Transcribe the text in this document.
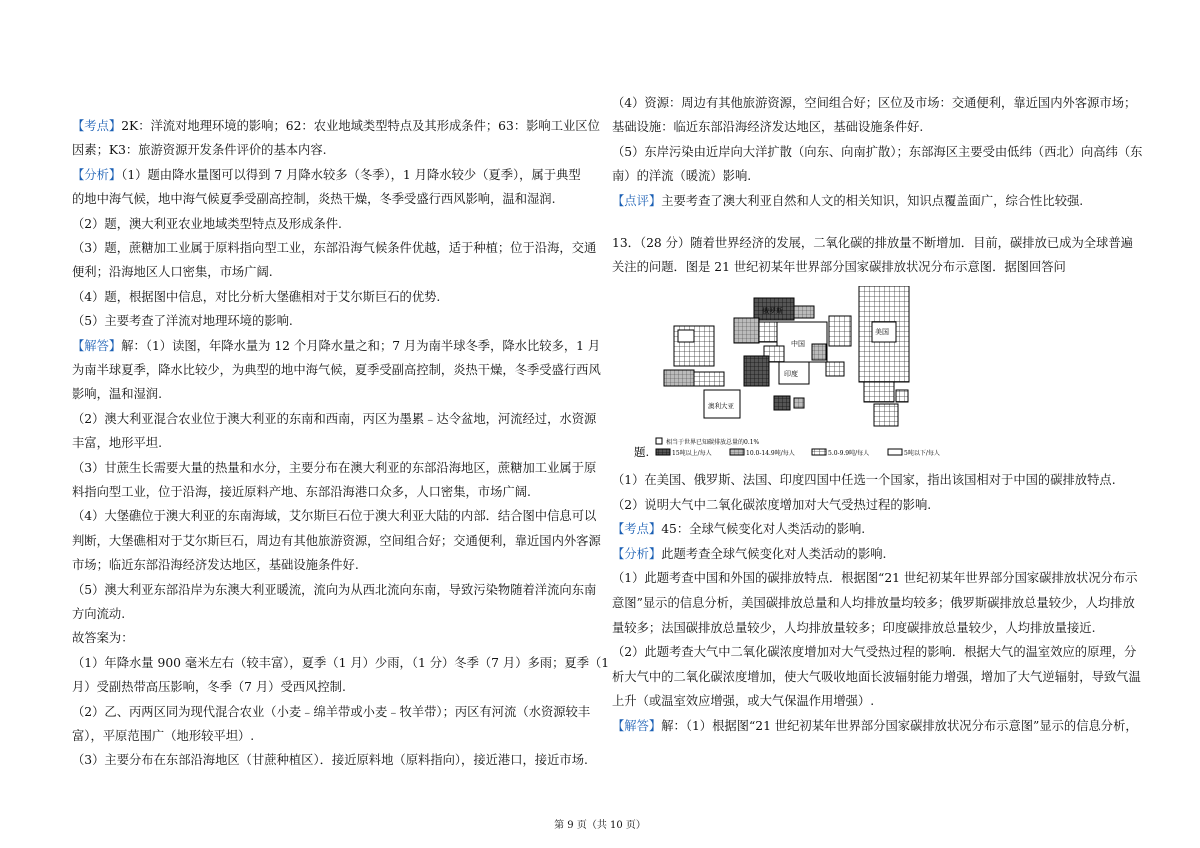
【考点】2K：洋流对地理环境的影响；62：农业地域类型特点及其形成条件；63：影响工业区位

因素；K3：旅游资源开发条件评价的基本内容.

【分析】（1）题由降水量图可以得到 7 月降水较多（冬季），1 月降水较少（夏季），属于典型

的地中海气候，地中海气候夏季受副高控制，炎热干燥，冬季受盛行西风影响，温和湿润.

（2）题，澳大利亚农业地域类型特点及形成条件.

（3）题，蔗糖加工业属于原料指向型工业，东部沿海气候条件优越，适于种植；位于沿海，交通

便利；沿海地区人口密集，市场广阔.

（4）题，根据图中信息，对比分析大堡礁相对于艾尔斯巨石的优势.

（5）主要考查了洋流对地理环境的影响.

【解答】解：（1）读图，年降水量为 12 个月降水量之和；7 月为南半球冬季，降水比较多，1 月

为南半球夏季，降水比较少，为典型的地中海气候，夏季受副高控制，炎热干燥，冬季受盛行西风

影响，温和湿润.

（2）澳大利亚混合农业位于澳大利亚的东南和西南，丙区为墨累﹣达令盆地，河流经过，水资源

丰富，地形平坦.

（3）甘蔗生长需要大量的热量和水分，主要分布在澳大利亚的东部沿海地区，蔗糖加工业属于原

料指向型工业，位于沿海，接近原料产地、东部沿海港口众多，人口密集，市场广阔.

（4）大堡礁位于澳大利亚的东南海域，艾尔斯巨石位于澳大利亚大陆的内部．结合图中信息可以

判断，大堡礁相对于艾尔斯巨石，周边有其他旅游资源，空间组合好；交通便利，靠近国内外客源

市场；临近东部沿海经济发达地区，基础设施条件好.

（5）澳大利亚东部沿岸为东澳大利亚暖流，流向为从西北流向东南，导致污染物随着洋流向东南

方向流动.

故答案为：

（1）年降水量 900 毫米左右（较丰富），夏季（1 月）少雨，（1 分）冬季（7 月）多雨；夏季（1

月）受副热带高压影响，冬季（7 月）受西风控制.

（2）乙、丙两区同为现代混合农业（小麦﹣绵羊带或小麦﹣牧羊带）；丙区有河流（水资源较丰

富），平原范围广（地形较平坦）.

（3）主要分布在东部沿海地区（甘蔗种植区）．接近原料地（原料指向），接近港口，接近市场.

（4）资源：周边有其他旅游资源，空间组合好；区位及市场：交通便利，靠近国内外客源市场；

基础设施：临近东部沿海经济发达地区，基础设施条件好.

（5）东岸污染由近岸向大洋扩散（向东、向南扩散）；东部海区主要受由低纬（西北）向高纬（东

南）的洋流（暖流）影响.

【点评】主要考查了澳大利亚自然和人文的相关知识，知识点覆盖面广，综合性比较强.

13．（28 分）随着世界经济的发展，二氧化碳的排放量不断增加．目前，碳排放已成为全球普遍

关注的问题．图是 21 世纪初某年世界部分国家碳排放状况分布示意图．据图回答问

俄罗斯
中国
印度
美国
澳利大亚
题.
相当于世界已知碳排放总量的0.1%
15吨以上/每人	10.0-14.9吨/每人	5.0-9.9吨/每人	5吨以下/每人

（1）在美国、俄罗斯、法国、印度四国中任选一个国家，指出该国相对于中国的碳排放特点.

（2）说明大气中二氧化碳浓度增加对大气受热过程的影响.

【考点】45：全球气候变化对人类活动的影响.

【分析】此题考查全球气候变化对人类活动的影响.

（1）此题考查中国和外国的碳排放特点．根据图“21 世纪初某年世界部分国家碳排放状况分布示

意图”显示的信息分析，美国碳排放总量和人均排放量均较多；俄罗斯碳排放总量较少，人均排放

量较多；法国碳排放总量较少，人均排放量较多；印度碳排放总量较少，人均排放量接近.

（2）此题考查大气中二氧化碳浓度增加对大气受热过程的影响．根据大气的温室效应的原理，分

析大气中的二氧化碳浓度增加，使大气吸收地面长波辐射能力增强，增加了大气逆辐射，导致气温

上升（或温室效应增强，或大气保温作用增强）.

【解答】解：（1）根据图“21 世纪初某年世界部分国家碳排放状况分布示意图”显示的信息分析，

第 9 页（共 10 页）
